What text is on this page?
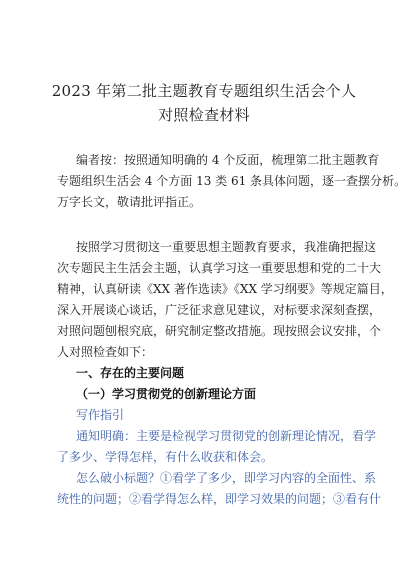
2023 年第二批主题教育专题组织生活会个人
对照检查材料
编者按：按照通知明确的 4 个反面，梳理第二批主题教育
专题组织生活会 4 个方面 13 类 61 条具体问题，逐一查摆分析。
万字长文，敬请批评指正。
按照学习贯彻这一重要思想主题教育要求，我准确把握这
次专题民主生活会主题，认真学习这一重要思想和党的二十大
精神，认真研读《XX 著作选读》《XX 学习纲要》等规定篇目，
深入开展谈心谈话，广泛征求意见建议，对标要求深刻查摆，
对照问题刨根究底，研究制定整改措施。现按照会议安排，个
人对照检查如下：
一、存在的主要问题
（一）学习贯彻党的创新理论方面
写作指引
通知明确：主要是检视学习贯彻党的创新理论情况，看学
了多少、学得怎样，有什么收获和体会。
怎么破小标题？①看学了多少，即学习内容的全面性、系
统性的问题；②看学得怎么样，即学习效果的问题；③看有什
